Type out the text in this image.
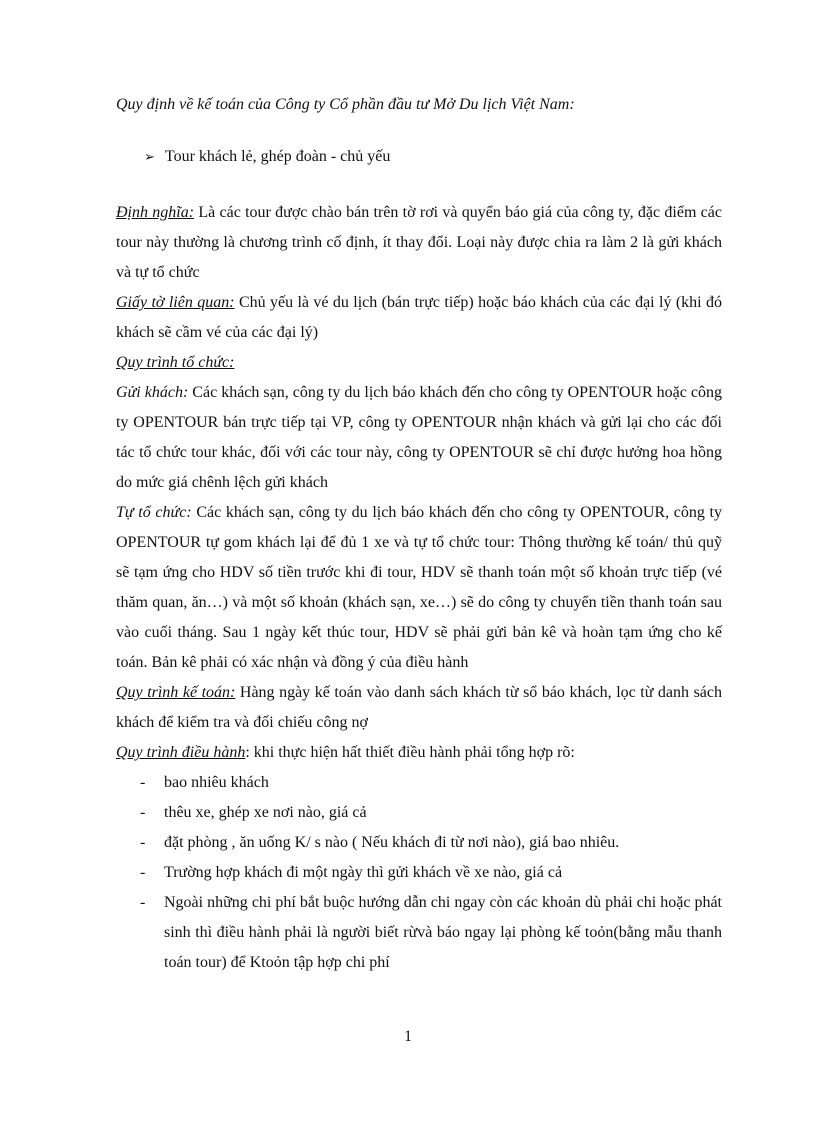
Quy định về kế toán của Công ty Cổ phần đầu tư Mở Du lịch Việt Nam:
➢ Tour khách lẻ, ghép đoàn - chủ yếu

Định nghĩa: Là các tour được chào bán trên tờ rơi và quyển báo giá của công ty, đặc điểm các tour này thường là chương trình cố định, ít thay đổi. Loại này được chia ra làm 2 là gửi khách và tự tổ chức

Giấy tờ liên quan: Chủ yếu là vé du lịch (bán trực tiếp) hoặc báo khách của các đại lý (khi đó khách sẽ cầm vé của các đại lý)

Quy trình tổ chức:

Gửi khách: Các khách sạn, công ty du lịch báo khách đến cho công ty OPENTOUR hoặc công ty OPENTOUR bán trực tiếp tại VP, công ty OPENTOUR nhận khách và gửi lại cho các đối tác tổ chức tour khác, đối với các tour này, công ty OPENTOUR sẽ chỉ được hưởng hoa hồng do mức giá chênh lệch gửi khách

Tự tổ chức: Các khách sạn, công ty du lịch báo khách đến cho công ty OPENTOUR, công ty OPENTOUR tự gom khách lại để đủ 1 xe và tự tổ chức tour: Thông thường kế toán/ thủ quỹ sẽ tạm ứng cho HDV số tiền trước khi đi tour, HDV sẽ thanh toán một số khoản trực tiếp (vé thăm quan, ăn…) và một số khoản (khách sạn, xe…) sẽ do công ty chuyển tiền thanh toán sau vào cuối tháng. Sau 1 ngày kết thúc tour, HDV sẽ phải gửi bản kê và hoàn tạm ứng cho kế toán. Bản kê phải có xác nhận và đồng ý của điều hành

Quy trình kế toán: Hàng ngày kế toán vào danh sách khách từ sổ báo khách, lọc từ danh sách khách để kiểm tra và đối chiếu công nợ

Quy trình điều hành: khi thực hiện hất thiết điều hành phải tổng hợp rõ:

- bao nhiêu khách
- thêu xe, ghép xe nơi nào, giá cả
- đặt phòng , ăn uống K/ s nào ( Nếu khách đi từ nơi nào), giá bao nhiêu.
- Trường hợp khách đi một ngày thì gửi khách về xe nào, giá cả
- Ngoài những chi phí bắt buộc hướng dẫn chi ngay còn các khoản dù phải chi hoặc phát sinh thì điều hành phải là người biết rừvà báo ngay lại phòng kế toỏn(bằng mẫu thanh toán tour) để Ktoỏn tập hợp chi phí
1
